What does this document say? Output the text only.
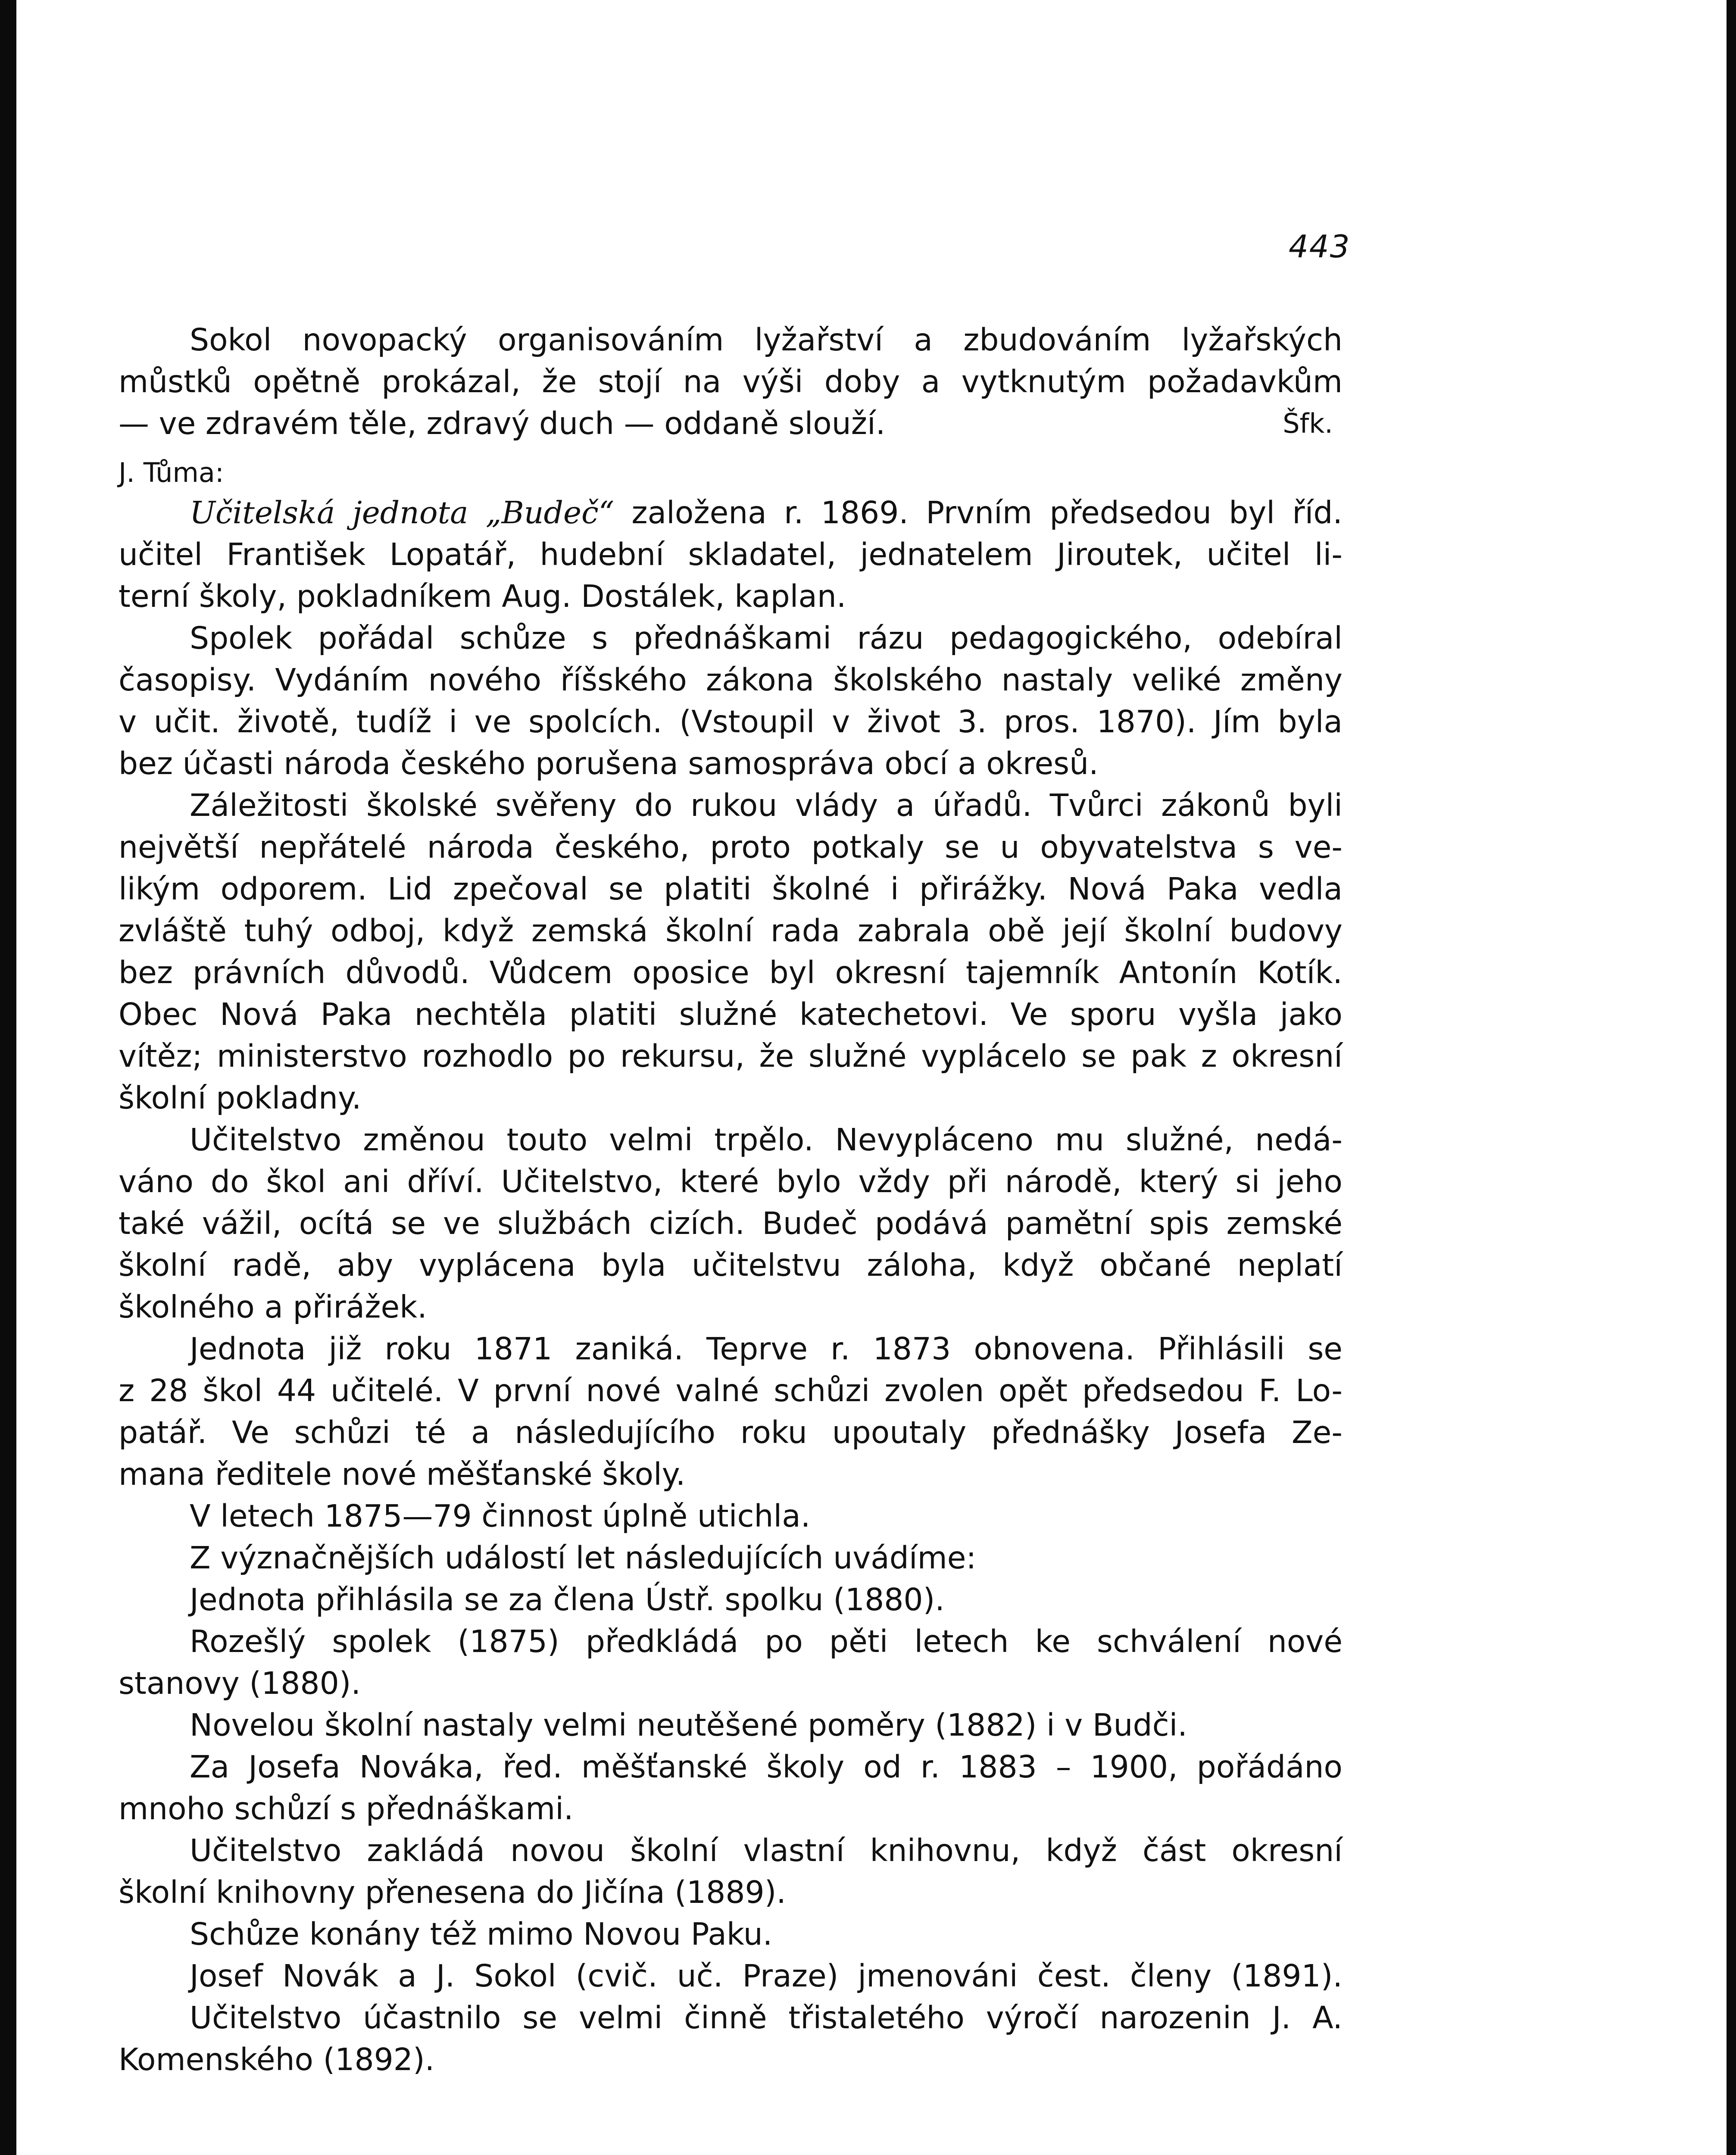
443
Sokol novopacký organisováním lyžařství a zbudováním lyžařských
můstků opětně prokázal, že stojí na výši doby a vytknutým požadavkům
— ve zdravém těle, zdravý duch — oddaně slouží.	Šfk.
J. Tůma:
Učitelská jednota „Budeč“ založena r. 1869. Prvním předsedou byl říd.
učitel František Lopatář, hudební skladatel, jednatelem Jiroutek, učitel li-
terní školy, pokladníkem Aug. Dostálek, kaplan.
Spolek pořádal schůze s přednáškami rázu pedagogického, odebíral
časopisy. Vydáním nového říšského zákona školského nastaly veliké změny
v učit. životě, tudíž i ve spolcích. (Vstoupil v život 3. pros. 1870). Jím byla
bez účasti národa českého porušena samospráva obcí a okresů.
Záležitosti školské svěřeny do rukou vlády a úřadů. Tvůrci zákonů byli
největší nepřátelé národa českého, proto potkaly se u obyvatelstva s ve-
likým odporem. Lid zpečoval se platiti školné i přirážky. Nová Paka vedla
zvláště tuhý odboj, když zemská školní rada zabrala obě její školní budovy
bez právních důvodů. Vůdcem oposice byl okresní tajemník Antonín Kotík.
Obec Nová Paka nechtěla platiti služné katechetovi. Ve sporu vyšla jako
vítěz; ministerstvo rozhodlo po rekursu, že služné vyplácelo se pak z okresní
školní pokladny.
Učitelstvo změnou touto velmi trpělo. Nevypláceno mu služné, nedá-
váno do škol ani dříví. Učitelstvo, které bylo vždy při národě, který si jeho
také vážil, ocítá se ve službách cizích. Budeč podává pamětní spis zemské
školní radě, aby vyplácena byla učitelstvu záloha, když občané neplatí
školného a přirážek.
Jednota již roku 1871 zaniká. Teprve r. 1873 obnovena. Přihlásili se
z 28 škol 44 učitelé. V první nové valné schůzi zvolen opět předsedou F. Lo-
patář. Ve schůzi té a následujícího roku upoutaly přednášky Josefa Ze-
mana ředitele nové měšťanské školy.
V letech 1875—79 činnost úplně utichla.
Z význačnějších událostí let následujících uvádíme:
Jednota přihlásila se za člena Ústř. spolku (1880).
Rozešlý spolek (1875) předkládá po pěti letech ke schválení nové
stanovy (1880).
Novelou školní nastaly velmi neutěšené poměry (1882) i v Budči.
Za Josefa Nováka, řed. měšťanské školy od r. 1883 – 1900, pořádáno
mnoho schůzí s přednáškami.
Učitelstvo zakládá novou školní vlastní knihovnu, když část okresní
školní knihovny přenesena do Jičína (1889).
Schůze konány též mimo Novou Paku.
Josef Novák a J. Sokol (cvič. uč. Praze) jmenováni čest. členy (1891).
Učitelstvo účastnilo se velmi činně třistaletého výročí narozenin J. A.
Komenského (1892).
